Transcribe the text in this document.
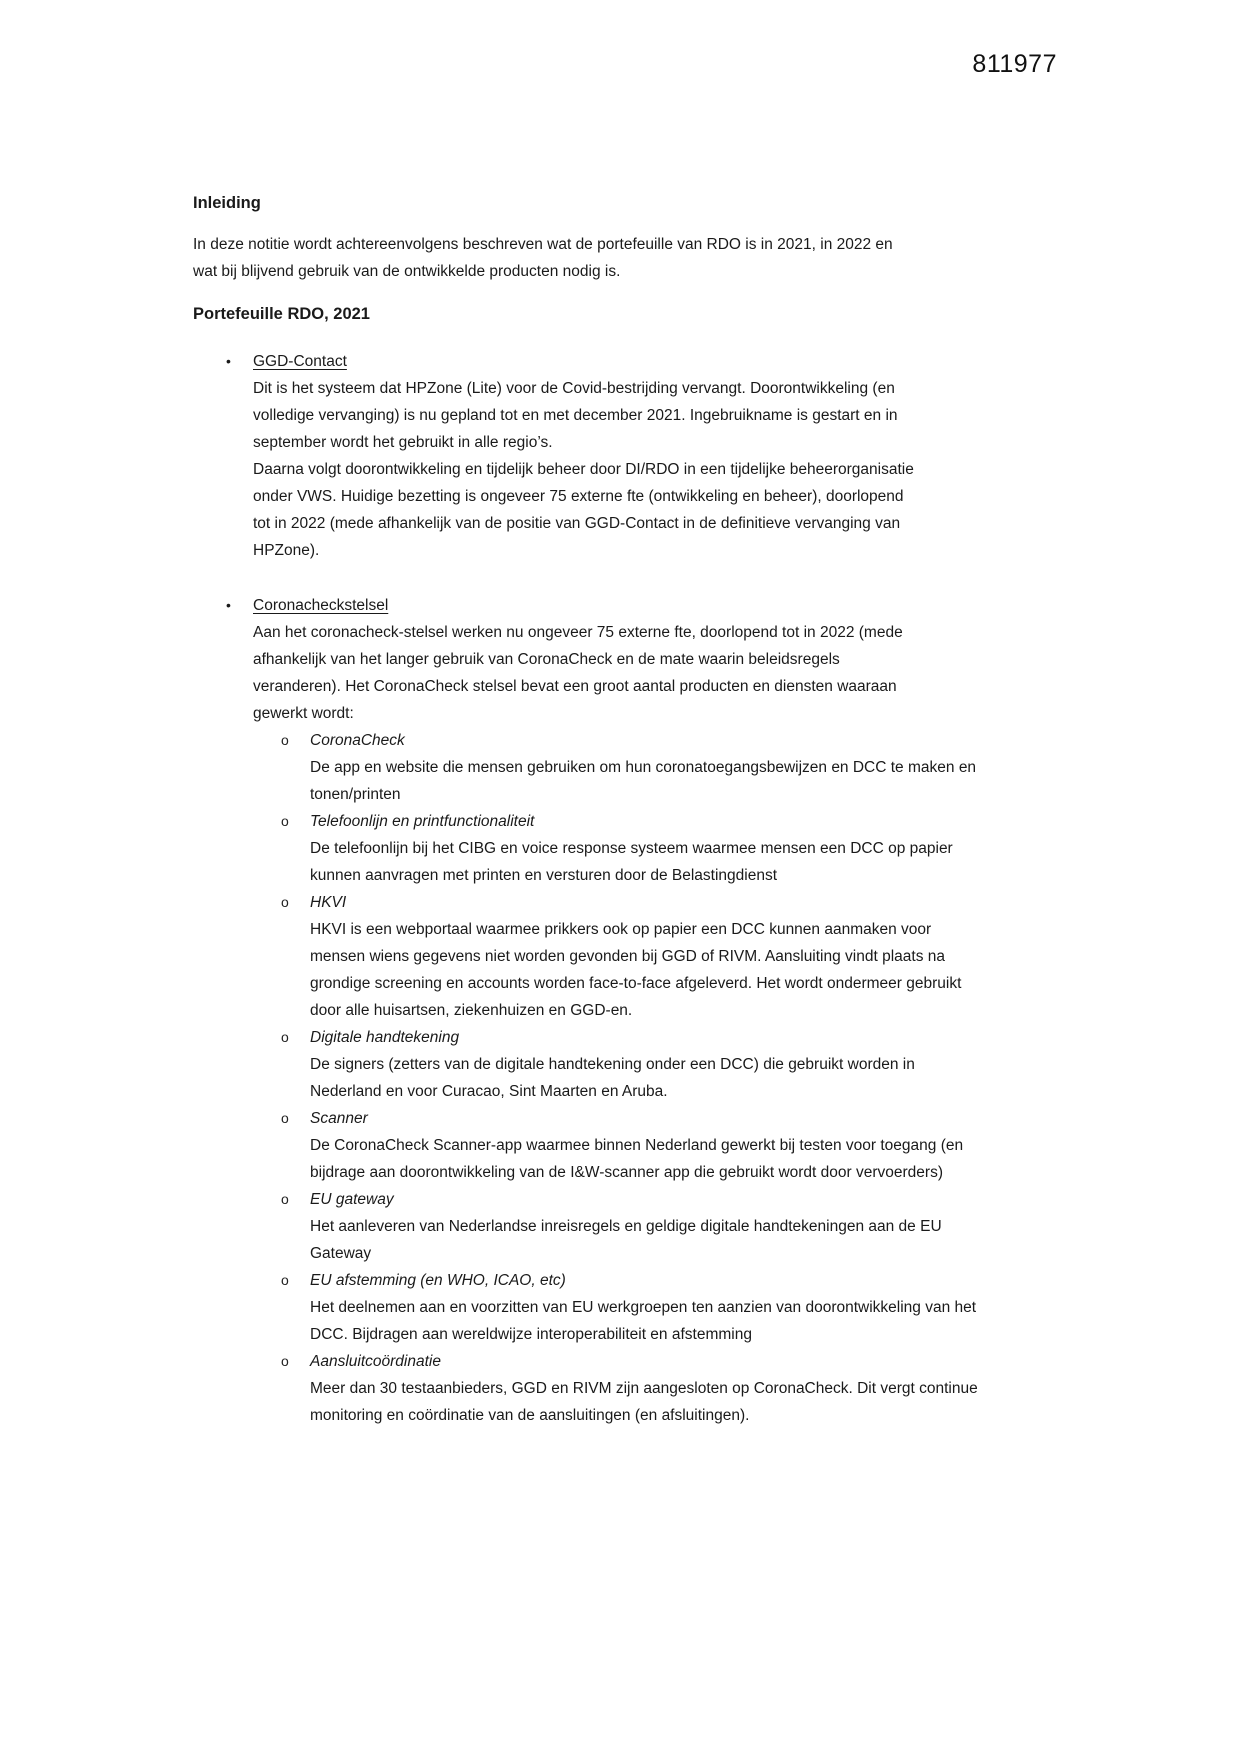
811977
Inleiding

In deze notitie wordt achtereenvolgens beschreven wat de portefeuille van RDO is in 2021, in 2022 en wat bij blijvend gebruik van de ontwikkelde producten nodig is.

Portefeuille RDO, 2021
• GGD-Contact

Dit is het systeem dat HPZone (Lite) voor de Covid-bestrijding vervangt. Doorontwikkeling (en volledige vervanging) is nu gepland tot en met december 2021. Ingebruikname is gestart en in september wordt het gebruikt in alle regio’s.

Daarna volgt doorontwikkeling en tijdelijk beheer door DI/RDO in een tijdelijke beheerorganisatie onder VWS. Huidige bezetting is ongeveer 75 externe fte (ontwikkeling en beheer), doorlopend tot in 2022 (mede afhankelijk van de positie van GGD-Contact in de definitieve vervanging van HPZone).

• Coronacheckstelsel

Aan het coronacheck-stelsel werken nu ongeveer 75 externe fte, doorlopend tot in 2022 (mede afhankelijk van het langer gebruik van CoronaCheck en de mate waarin beleidsregels veranderen). Het CoronaCheck stelsel bevat een groot aantal producten en diensten waaraan gewerkt wordt:

o CoronaCheck

De app en website die mensen gebruiken om hun coronatoegangsbewijzen en DCC te maken en tonen/printen

o Telefoonlijn en printfunctionaliteit

De telefoonlijn bij het CIBG en voice response systeem waarmee mensen een DCC op papier kunnen aanvragen met printen en versturen door de Belastingdienst

o HKVI

HKVI is een webportaal waarmee prikkers ook op papier een DCC kunnen aanmaken voor mensen wiens gegevens niet worden gevonden bij GGD of RIVM. Aansluiting vindt plaats na grondige screening en accounts worden face-to-face afgeleverd. Het wordt ondermeer gebruikt door alle huisartsen, ziekenhuizen en GGD-en.

o Digitale handtekening

De signers (zetters van de digitale handtekening onder een DCC) die gebruikt worden in Nederland en voor Curacao, Sint Maarten en Aruba.

o Scanner

De CoronaCheck Scanner-app waarmee binnen Nederland gewerkt bij testen voor toegang (en bijdrage aan doorontwikkeling van de I&W-scanner app die gebruikt wordt door vervoerders)

o EU gateway

Het aanleveren van Nederlandse inreisregels en geldige digitale handtekeningen aan de EU Gateway

o EU afstemming (en WHO, ICAO, etc)

Het deelnemen aan en voorzitten van EU werkgroepen ten aanzien van doorontwikkeling van het DCC. Bijdragen aan wereldwijze interoperabiliteit en afstemming

o Aansluitcoördinatie

Meer dan 30 testaanbieders, GGD en RIVM zijn aangesloten op CoronaCheck. Dit vergt continue monitoring en coördinatie van de aansluitingen (en afsluitingen).
